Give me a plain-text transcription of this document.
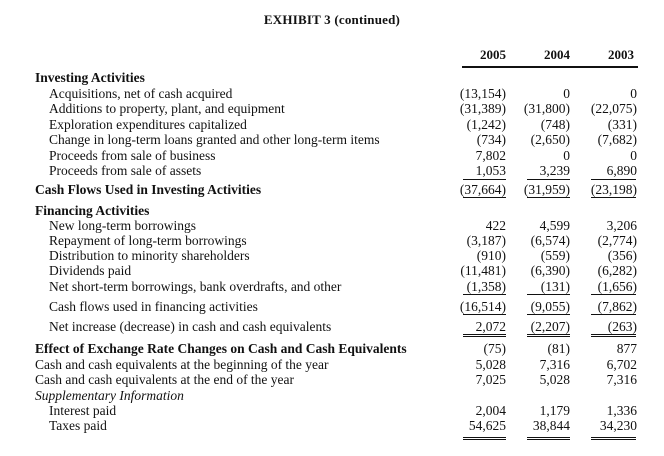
EXHIBIT 3 (continued)
2005	2004	2003
Investing Activities
Acquisitions, net of cash acquired	(13,154)	0	0
Additions to property, plant, and equipment	(31,389) (31,800) (22,075)
Exploration expenditures capitalized	(1,242)	(748)	(331)
Change in long-term loans granted and other long-term items	(734) (2,650) (7,682)
Proceeds from sale of business	7,802	0	0
Proceeds from sale of assets	1,053 3,239	6,890
Cash Flows Used in Investing Activities	(37,664) (31,959) (23,198)
Financing Activities
New long-term borrowings	422 4,599	3,206
Repayment of long-term borrowings	(3,187) (6,574) (2,774)
Distribution to minority shareholders	(910)	(559)	(356)
Dividends paid	(11,481) (6,390) (6,282)
Net short-term borrowings, bank overdrafts, and other	(1,358)	(131) (1,656)
Cash flows used in financing activities	(16,514) (9,055) (7,862)
Net increase (decrease) in cash and cash equivalents	2,072 (2,207)	(263)
Effect of Exchange Rate Changes on Cash and Cash Equivalents	(75)	(81)	877
Cash and cash equivalents at the beginning of the year	5,028 7,316	6,702
Cash and cash equivalents at the end of the year	7,025 5,028	7,316
Supplementary Information
Interest paid	2,004 1,179	1,336
Taxes paid	54,625 38,844 34,230
